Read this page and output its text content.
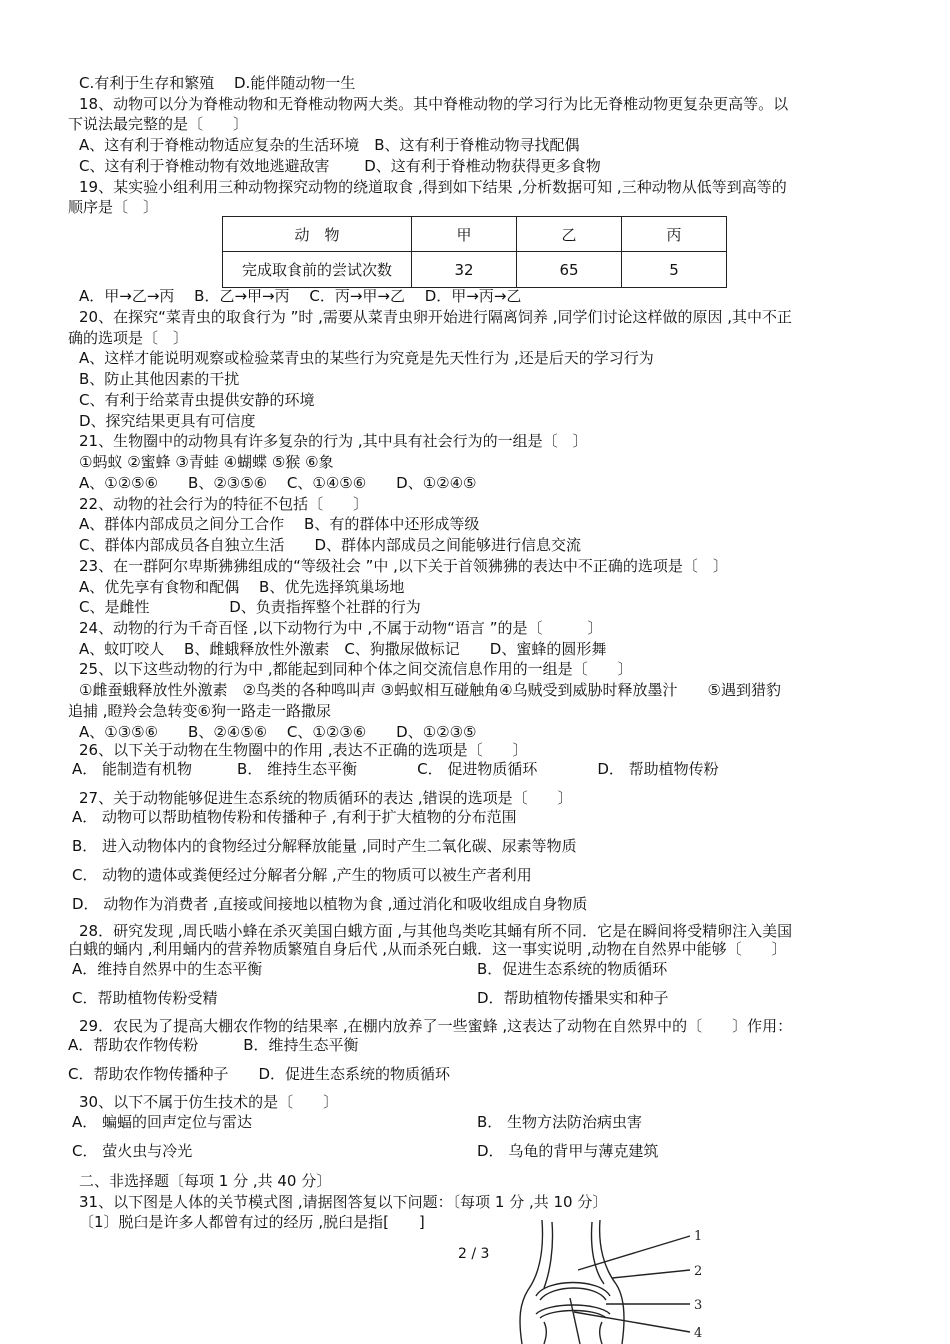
C.有利于生存和繁殖　 D.能伴随动物一生
18、动物可以分为脊椎动物和无脊椎动物两大类。其中脊椎动物的学习行为比无脊椎动物更复杂更高等。以
下说法最完整的是〔　　〕
A、这有利于脊椎动物适应复杂的生活环境　B、这有利于脊椎动物寻找配偶
C、这有利于脊椎动物有效地逃避敌害　　 D、这有利于脊椎动物获得更多食物
19、某实验小组利用三种动物探究动物的绕道取食 ,得到如下结果 ,分析数据可知 ,三种动物从低等到高等的
顺序是〔　〕
A．甲→乙→丙　 B．乙→甲→丙　 C．丙→甲→乙　 D．甲→丙→乙
20、在探究“菜青虫的取食行为 ”时 ,需要从菜青虫卵开始进行隔离饲养 ,同学们讨论这样做的原因 ,其中不正
确的选项是〔　〕
A、这样才能说明观察或检验菜青虫的某些行为究竟是先天性行为 ,还是后天的学习行为
B、防止其他因素的干扰
C、有利于给菜青虫提供安静的环境
D、探究结果更具有可信度
21、生物圈中的动物具有许多复杂的行为 ,其中具有社会行为的一组是〔　〕
①蚂蚁 ②蜜蜂 ③青蛙 ④蝴蝶 ⑤猴 ⑥象
A、①②⑤⑥　　B、②③⑤⑥　 C、①④⑤⑥　　D、①②④⑤
22、动物的社会行为的特征不包括〔　　〕
A、群体内部成员之间分工合作　 B、有的群体中还形成等级
C、群体内部成员各自独立生活　　D、群体内部成员之间能够进行信息交流
23、在一群阿尔卑斯狒狒组成的“等级社会 ”中 ,以下关于首领狒狒的表达中不正确的选项是〔　〕
A、优先享有食物和配偶　 B、优先选择筑巢场地
C、是雌性　　　　　 D、负责指挥整个社群的行为
24、动物的行为千奇百怪 ,以下动物行为中 ,不属于动物“语言 ”的是〔　　　〕
A、蚊叮咬人　 B、雌蛾释放性外激素　C、狗撒尿做标记　　D、蜜蜂的圆形舞
25、以下这些动物的行为中 ,都能起到同种个体之间交流信息作用的一组是〔　　〕
①雌蚕蛾释放性外激素　②鸟类的各种鸣叫声 ③蚂蚁相互碰触角④乌贼受到威胁时释放墨汁　　⑤遇到猎豹
追捕 ,瞪羚会急转变⑥狗一路走一路撒尿
A、①③⑤⑥　　B、②④⑤⑥　 C、①②③⑥　　D、①②③⑤
26、以下关于动物在生物圈中的作用 ,表达不正确的选项是〔　　〕
A． 能制造有机物　　　B． 维持生态平衡　　　　C． 促进物质循环　　　　D． 帮助植物传粉
27、关于动物能够促进生态系统的物质循环的表达 ,错误的选项是〔　　〕
A． 动物可以帮助植物传粉和传播种子 ,有利于扩大植物的分布范围
B． 进入动物体内的食物经过分解释放能量 ,同时产生二氧化碳、尿素等物质
C． 动物的遗体或粪便经过分解者分解 ,产生的物质可以被生产者利用
D． 动物作为消费者 ,直接或间接地以植物为食 ,通过消化和吸收组成自身物质
28．研究发现 ,周氏啮小蜂在杀灭美国白蛾方面 ,与其他鸟类吃其蛹有所不同．它是在瞬间将受精卵注入美国
白蛾的蛹内 ,利用蛹内的营养物质繁殖自身后代 ,从而杀死白蛾．这一事实说明 ,动物在自然界中能够〔　　〕
A．维持自然界中的生态平衡	B．促进生态系统的物质循环
C．帮助植物传粉受精	D．帮助植物传播果实和种子
29．农民为了提高大棚农作物的结果率 ,在棚内放养了一些蜜蜂 ,这表达了动物在自然界中的〔　　〕作用：
A．帮助农作物传粉　　　B．维持生态平衡
C．帮助农作物传播种子　　D．促进生态系统的物质循环
30、以下不属于仿生技术的是〔　　〕
A． 蝙蝠的回声定位与雷达	B． 生物方法防治病虫害
C． 萤火虫与冷光	D． 乌龟的背甲与薄克建筑
二、非选择题〔每项 1 分 ,共 40 分〕
31、以下图是人体的关节模式图 ,请据图答复以下问题：〔每项 1 分 ,共 10 分〕
〔1〕脱臼是许多人都曾有过的经历 ,脱臼是指[　　]
动　物	甲	乙	丙
完成取食前的尝试次数	32	65	5
2 / 3
1
2
3
4
